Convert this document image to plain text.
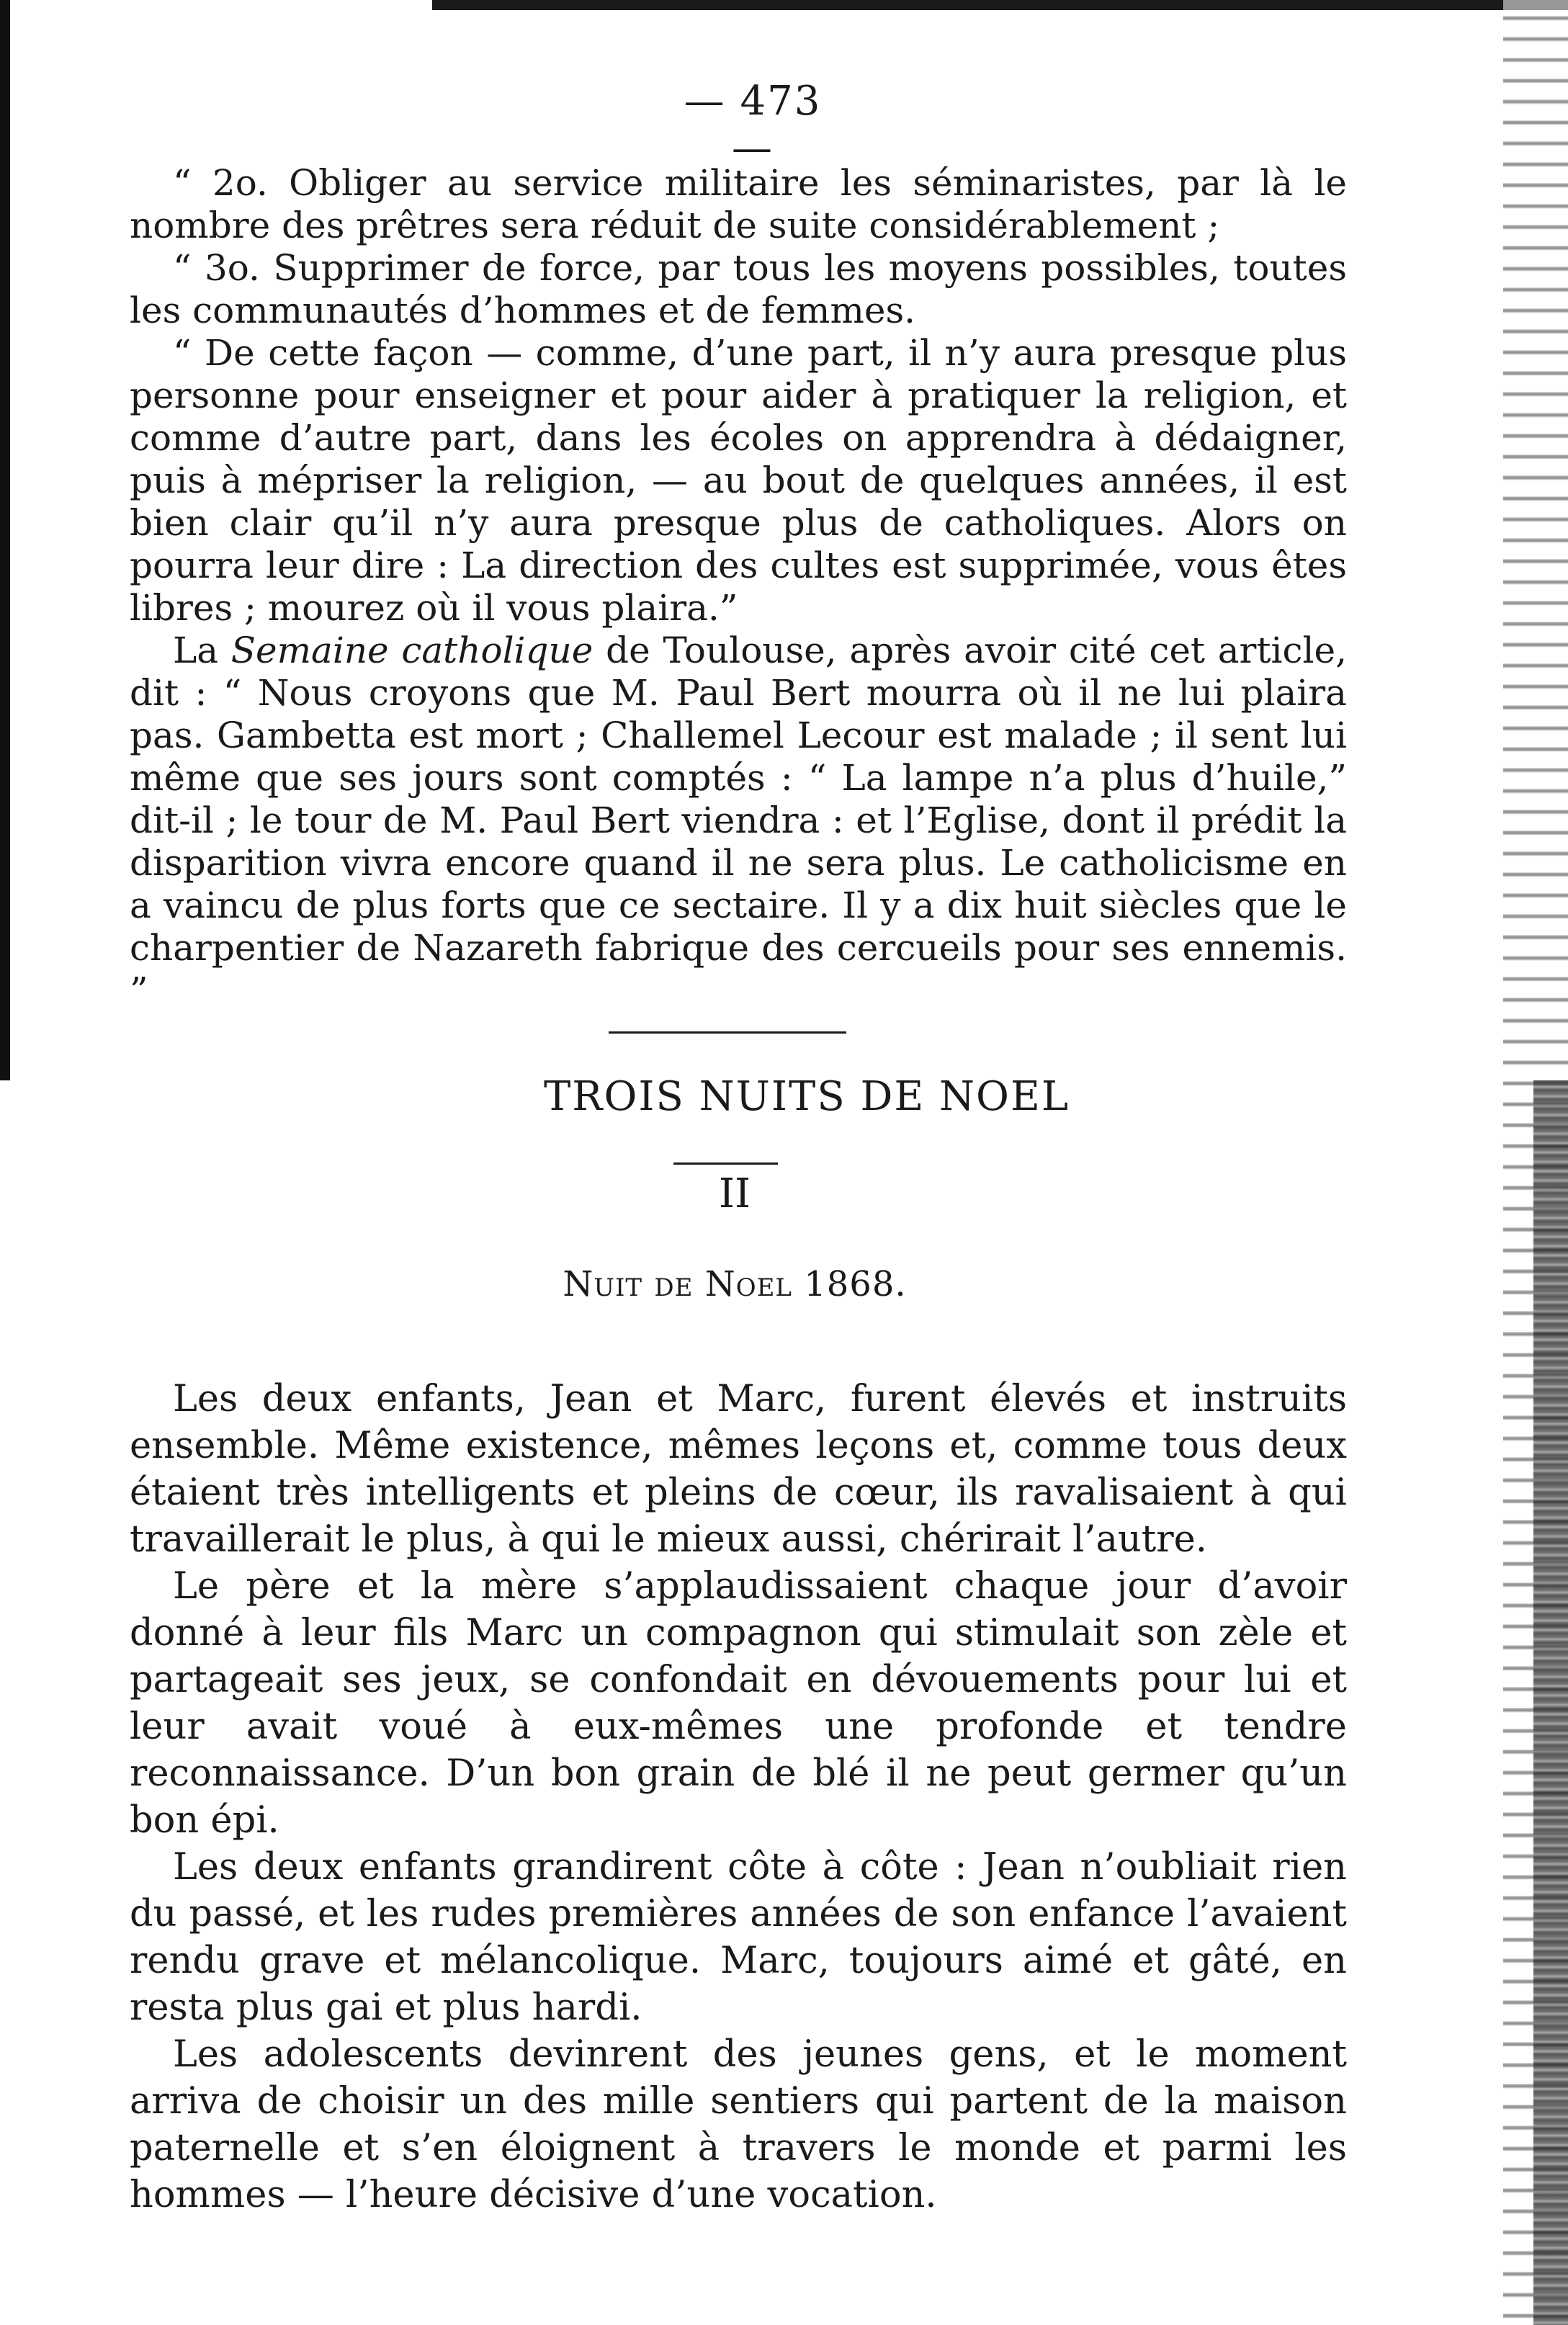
— 473 —

“ 2o. Obliger au service militaire les séminaristes, par là le nombre des prêtres sera réduit de suite considérablement ;

“ 3o. Supprimer de force, par tous les moyens possibles, toutes les communautés d’hommes et de femmes.

“ De cette façon — comme, d’une part, il n’y aura presque plus personne pour enseigner et pour aider à pratiquer la religion, et comme d’autre part, dans les écoles on apprendra à dédaigner, puis à mépriser la religion, — au bout de quelques années, il est bien clair qu’il n’y aura presque plus de catholiques. Alors on pourra leur dire : La direction des cultes est supprimée, vous êtes libres ; mourez où il vous plaira.”

La Semaine catholique de Toulouse, après avoir cité cet article, dit : “ Nous croyons que M. Paul Bert mourra où il ne lui plaira pas. Gambetta est mort ; Challemel Lecour est malade ; il sent lui même que ses jours sont comptés : “ La lampe n’a plus d’huile,” dit-il ; le tour de M. Paul Bert viendra : et l’Eglise, dont il prédit la disparition vivra encore quand il ne sera plus. Le catholicisme en a vaincu de plus forts que ce sectaire. Il y a dix huit siècles que le charpentier de Nazareth fabrique des cercueils pour ses ennemis. ”

TROIS NUITS DE NOEL
II
Nuit de Noel 1868.

Les deux enfants, Jean et Marc, furent élevés et instruits ensemble. Même existence, mêmes leçons et, comme tous deux étaient très intelligents et pleins de cœur, ils ravalisaient à qui travaillerait le plus, à qui le mieux aussi, chérirait l’autre.

Le père et la mère s’applaudissaient chaque jour d’avoir donné à leur fils Marc un compagnon qui stimulait son zèle et partageait ses jeux, se confondait en dévouements pour lui et leur avait voué à eux-mêmes une profonde et tendre reconnaissance. D’un bon grain de blé il ne peut germer qu’un bon épi.

Les deux enfants grandirent côte à côte : Jean n’oubliait rien du passé, et les rudes premières années de son enfance l’avaient rendu grave et mélancolique. Marc, toujours aimé et gâté, en resta plus gai et plus hardi.

Les adolescents devinrent des jeunes gens, et le moment arriva de choisir un des mille sentiers qui partent de la maison paternelle et s’en éloignent à travers le monde et parmi les hommes — l’heure décisive d’une vocation.
